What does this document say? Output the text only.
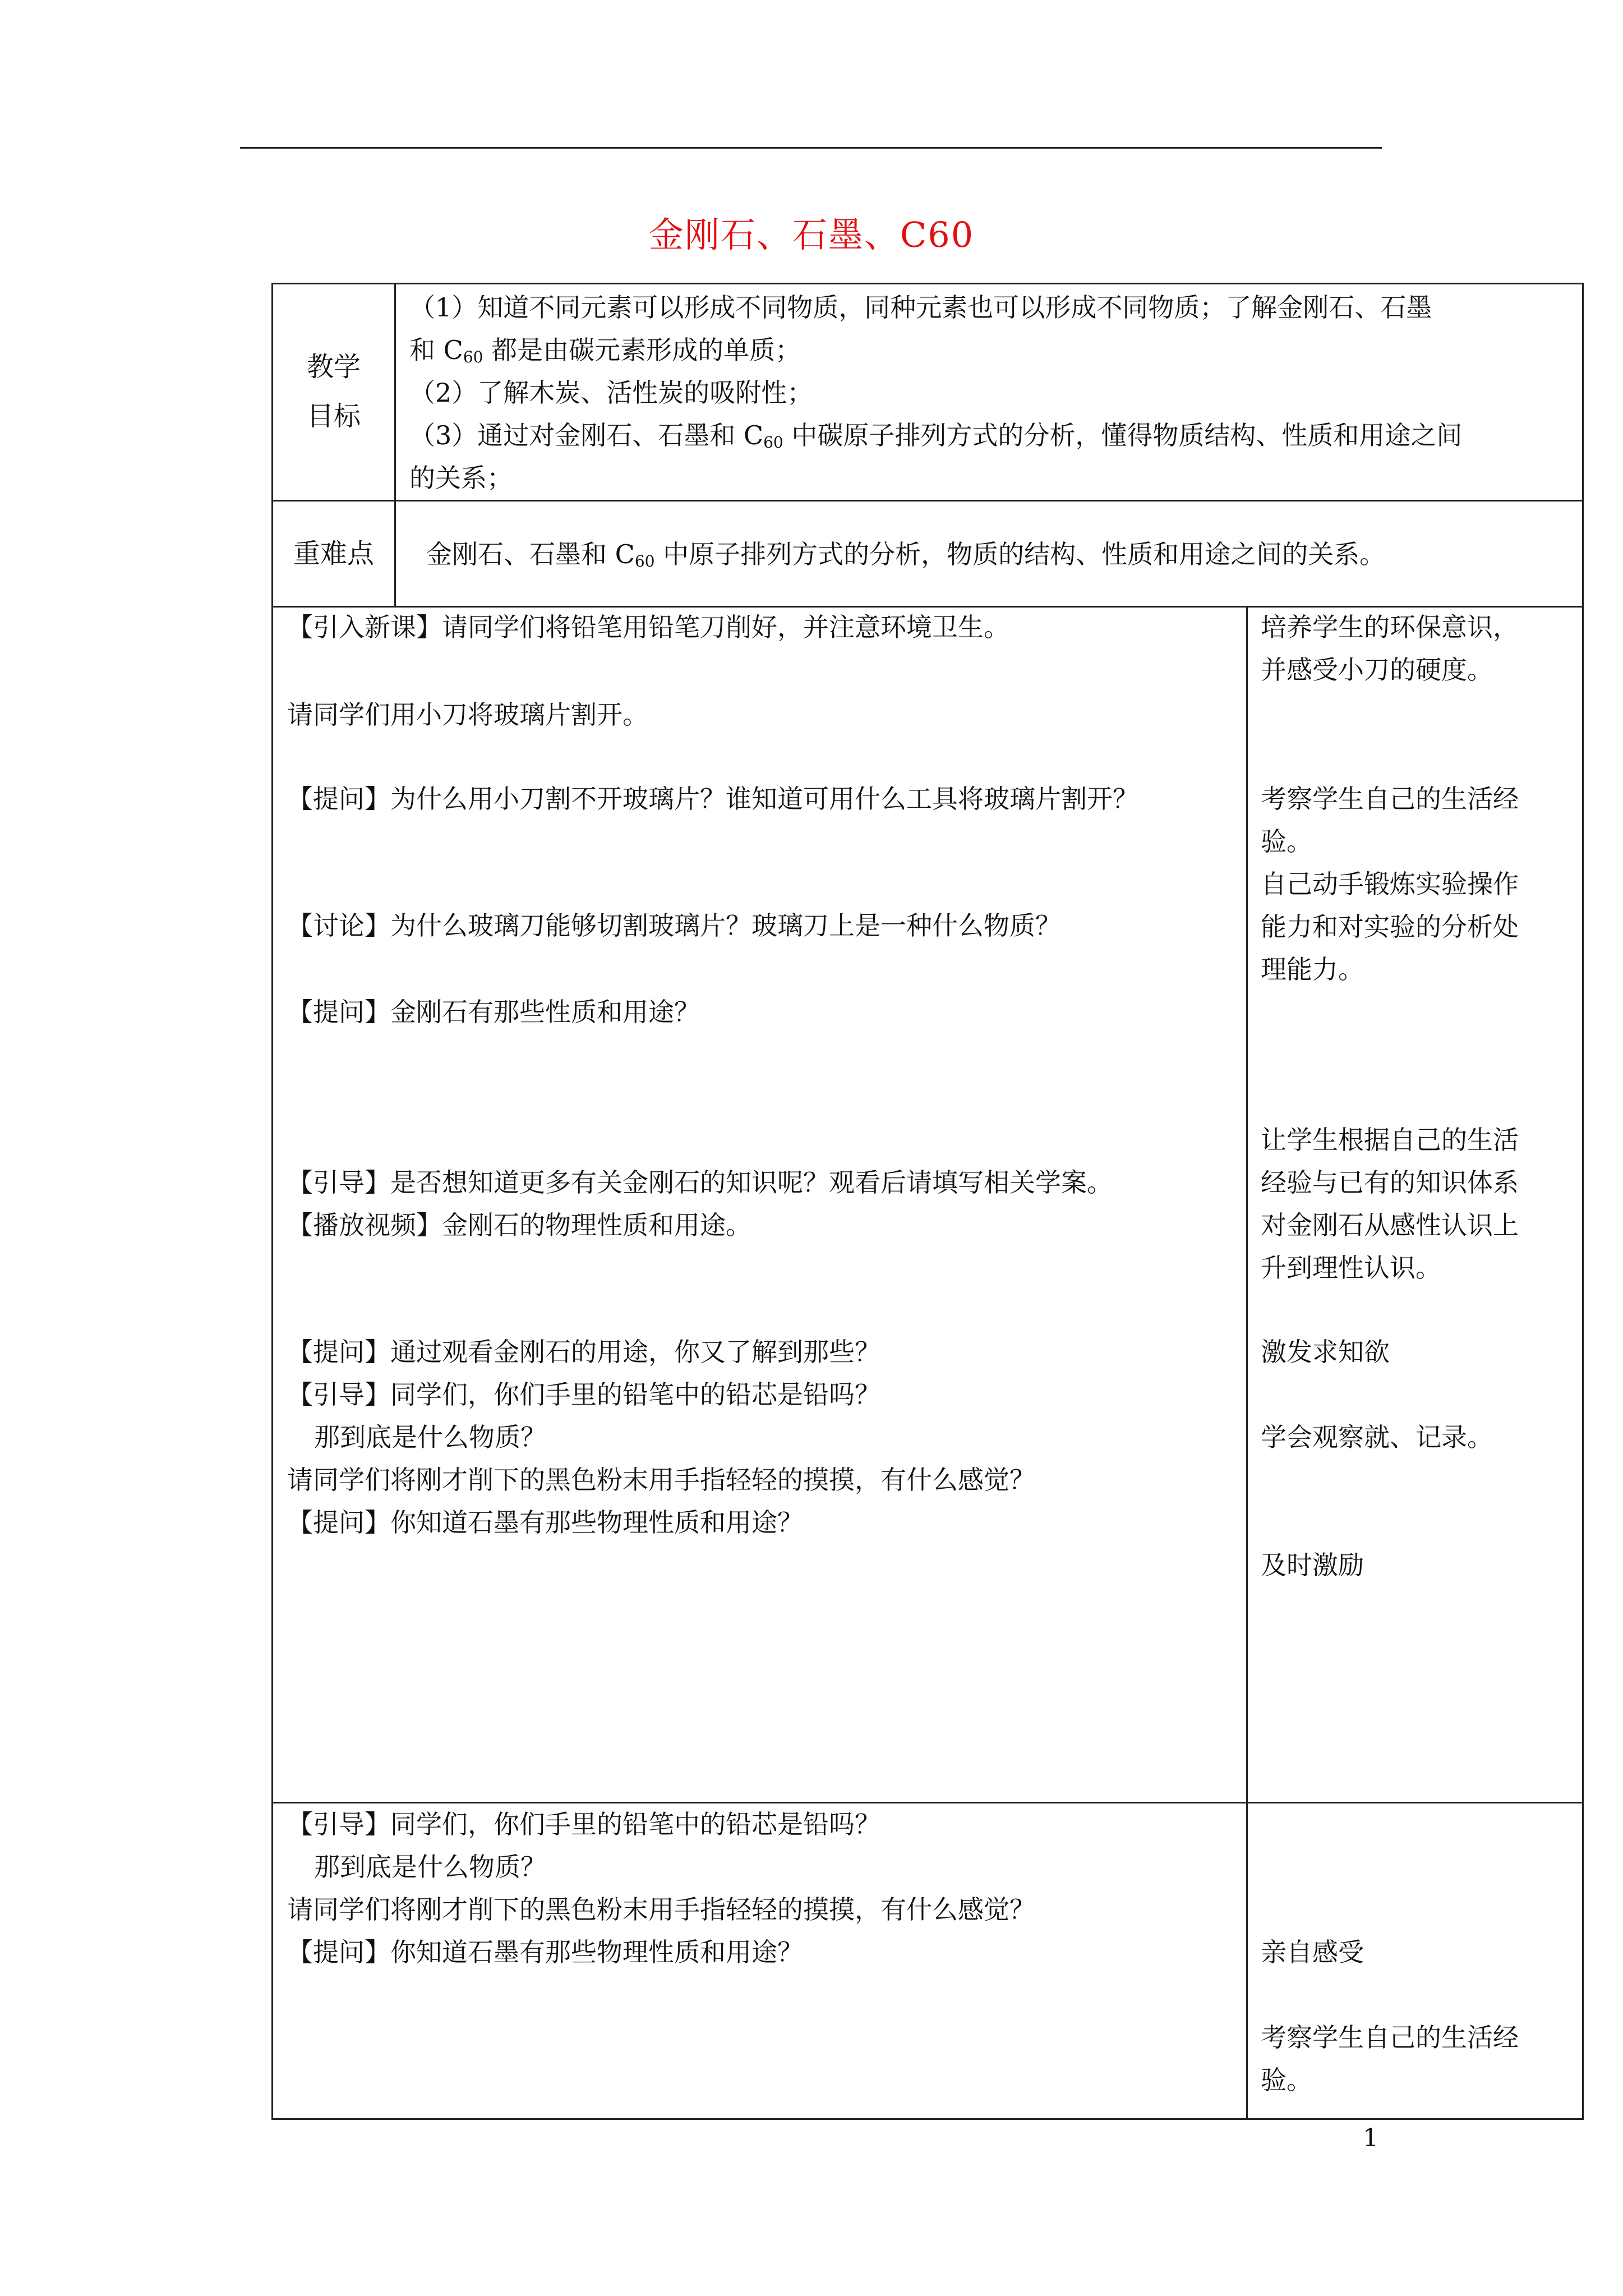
金刚石、石墨、C60
教学
目标
（1）知道不同元素可以形成不同物质，同种元素也可以形成不同物质；了解金刚石、石墨
和 $C_{60}$ 都是由碳元素形成的单质；
（2）了解木炭、活性炭的吸附性；
（3）通过对金刚石、石墨和 $C_{60}$ 中碳原子排列方式的分析，懂得物质结构、性质和用途之间
的关系；
重难点	金刚石、石墨和 $C_{60}$ 中原子排列方式的分析，物质的结构、性质和用途之间的关系。
【引入新课】请同学们将铅笔用铅笔刀削好，并注意环境卫生。
请同学们用小刀将玻璃片割开。
【提问】为什么用小刀割不开玻璃片？谁知道可用什么工具将玻璃片割开？
【讨论】为什么玻璃刀能够切割玻璃片？玻璃刀上是一种什么物质？
【提问】金刚石有那些性质和用途？
【引导】是否想知道更多有关金刚石的知识呢？观看后请填写相关学案。
【播放视频】金刚石的物理性质和用途。
【提问】通过观看金刚石的用途，你又了解到那些？
【引导】同学们，你们手里的铅笔中的铅芯是铅吗？
那到底是什么物质？
请同学们将刚才削下的黑色粉末用手指轻轻的摸摸，有什么感觉？
【提问】你知道石墨有那些物理性质和用途？
培养学生的环保意识，
并感受小刀的硬度。
考察学生自己的生活经
验。
自己动手锻炼实验操作
能力和对实验的分析处
理能力。
让学生根据自己的生活
经验与已有的知识体系
对金刚石从感性认识上
升到理性认识。
激发求知欲
学会观察就、记录。
及时激励
【引导】同学们，你们手里的铅笔中的铅芯是铅吗？
那到底是什么物质？
请同学们将刚才削下的黑色粉末用手指轻轻的摸摸，有什么感觉？
【提问】你知道石墨有那些物理性质和用途？	亲自感受
考察学生自己的生活经
验。
1
